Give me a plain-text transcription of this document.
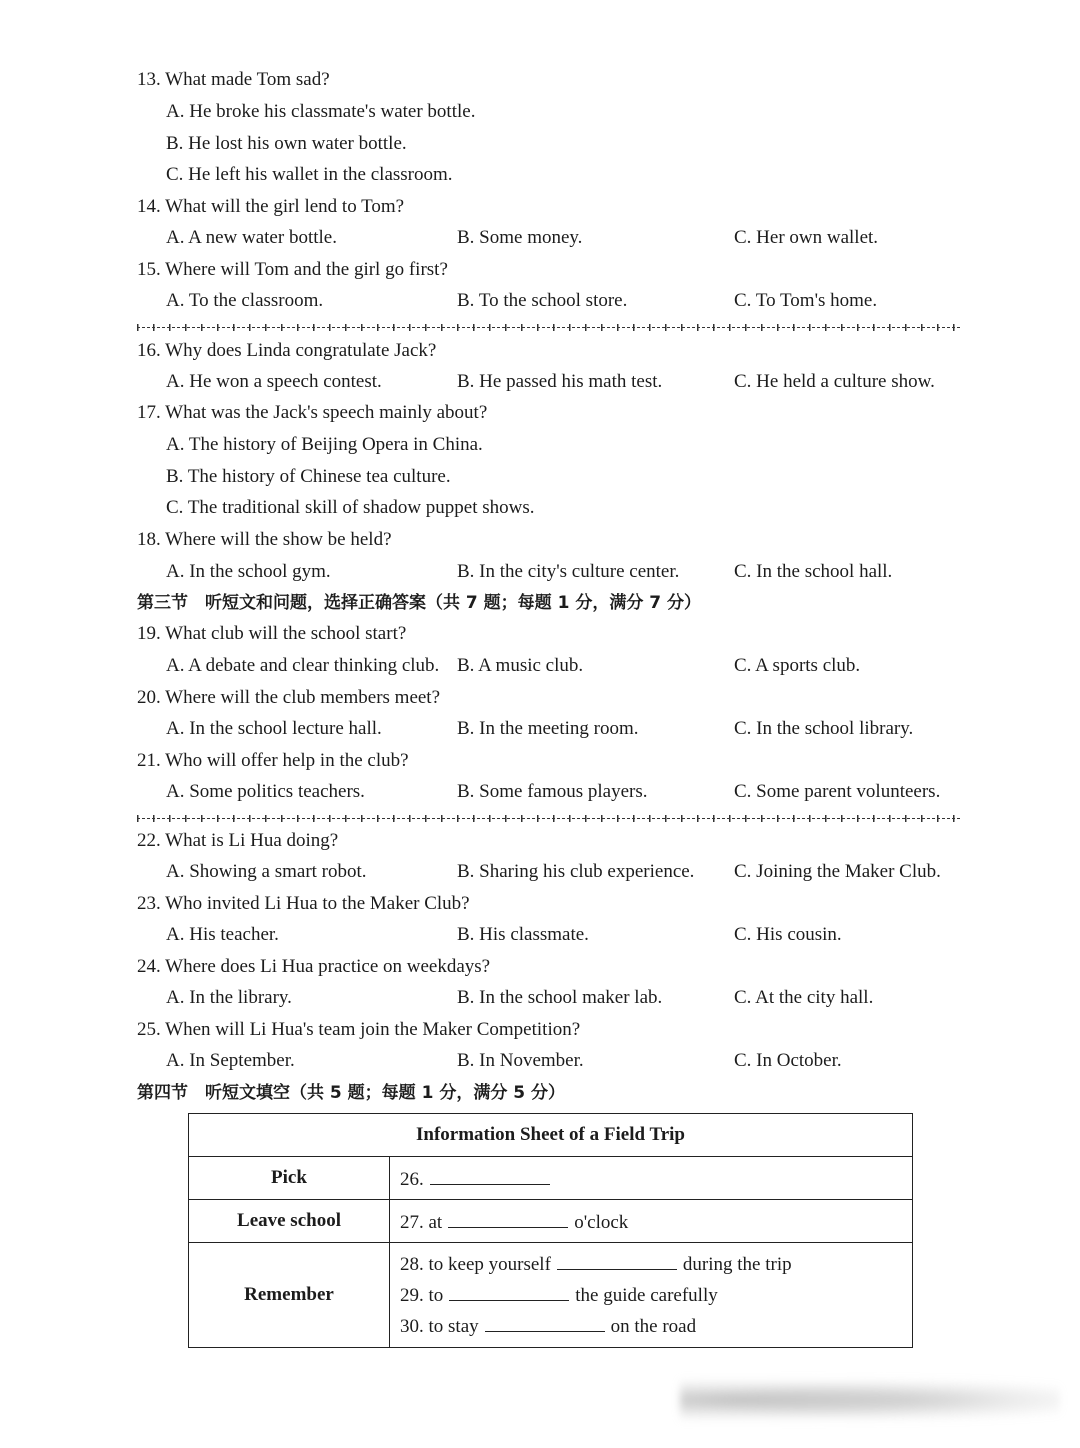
13. What made Tom sad?
A. He broke his classmate's water bottle.
B. He lost his own water bottle.
C. He left his wallet in the classroom.
14. What will the girl lend to Tom?
A. A new water bottle.	B. Some money.	C. Her own wallet.
15. Where will Tom and the girl go first?
A. To the classroom.	B. To the school store.	C. To Tom's home.
16. Why does Linda congratulate Jack?
A. He won a speech contest.	B. He passed his math test.	C. He held a culture show.
17. What was the Jack's speech mainly about?
A. The history of Beijing Opera in China.
B. The history of Chinese tea culture.
C. The traditional skill of shadow puppet shows.
18. Where will the show be held?
A. In the school gym.	B. In the city's culture center.	C. In the school hall.
第三节　听短文和问题，选择正确答案（共 7 题；每题 1 分，满分 7 分）
19. What club will the school start?
A. A debate and clear thinking club. B. A music club.	C. A sports club.
20. Where will the club members meet?
A. In the school lecture hall.	B. In the meeting room.	C. In the school library.
21. Who will offer help in the club?
A. Some politics teachers.	B. Some famous players.	C. Some parent volunteers.
22. What is Li Hua doing?
A. Showing a smart robot.	B. Sharing his club experience. C. Joining the Maker Club.
23. Who invited Li Hua to the Maker Club?
A. His teacher.	B. His classmate.	C. His cousin.
24. Where does Li Hua practice on weekdays?
A. In the library.	B. In the school maker lab.	C. At the city hall.
25. When will Li Hua's team join the Maker Competition?
A. In September.	B. In November.	C. In October.
第四节　听短文填空（共 5 题；每题 1 分，满分 5 分）
Information Sheet of a Field Trip	
Pick	26.
Leave school	27. at o'clock
Remember	28. to keep yourself during the trip
29. to the guide carefully
30. to stay on the road
